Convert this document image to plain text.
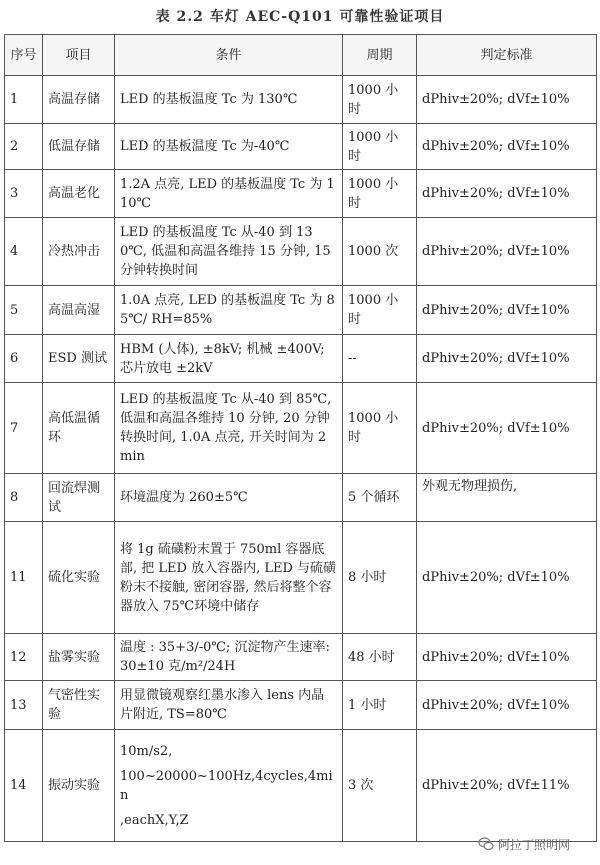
表 2.2 车灯 AEC-Q101 可靠性验证项目
序号	项目	条件	周期	判定标准
1	高温存储	LED 的基板温度 Tc 为 130℃	1000 小时	dPhiv±20%; dVf±10%
2	低温存储	LED 的基板温度 Tc 为-40℃	1000 小时	dPhiv±20%; dVf±10%
3	高温老化	1.2A 点亮, LED 的基板温度 Tc 为 110℃	1000 小时	dPhiv±20%; dVf±10%
4	冷热冲击	LED 的基板温度 Tc 从-40 到 130℃, 低温和高温各维持 15 分钟, 15 分钟转换时间	1000 次	dPhiv±20%; dVf±10%
5	高温高湿	1.0A 点亮, LED 的基板温度 Tc 为 85℃/ RH=85%	1000 小时	dPhiv±20%; dVf±10%
6	ESD 测试	HBM (人体), ±8kV; 机械 ±400V; 芯片放电 ±2kV	--	dPhiv±20%; dVf±10%
7	高低温循环	LED 的基板温度 Tc 从-40 到 85℃, 低温和高温各维持 10 分钟, 20 分钟转换时间, 1.0A 点亮, 开关时间为 2min	1000 小时	dPhiv±20%; dVf±10%
8	回流焊测试	环境温度为 260±5℃	5 个循环	外观无物理损伤,
11	硫化实验	将 1g 硫磺粉末置于 750ml 容器底部, 把 LED 放入容器内, LED 与硫磺粉末不接触, 密闭容器, 然后将整个容器放入 75℃环境中储存	8 小时	dPhiv±20%; dVf±10%
12	盐雾实验	温度 : 35+3/-0℃; 沉淀物产生速率: 30±10 克/m²/24H	48 小时	dPhiv±20%; dVf±10%
13	气密性实验	用显微镜观察红墨水渗入 lens 内晶片附近, TS=80℃	1 小时	dPhiv±20%; dVf±10%
14	振动实验	10m/s2,

100~20000~100Hz,4cycles,4min

,eachX,Y,Z	3 次	dPhiv±20%; dVf±11%
阿拉丁照明网
